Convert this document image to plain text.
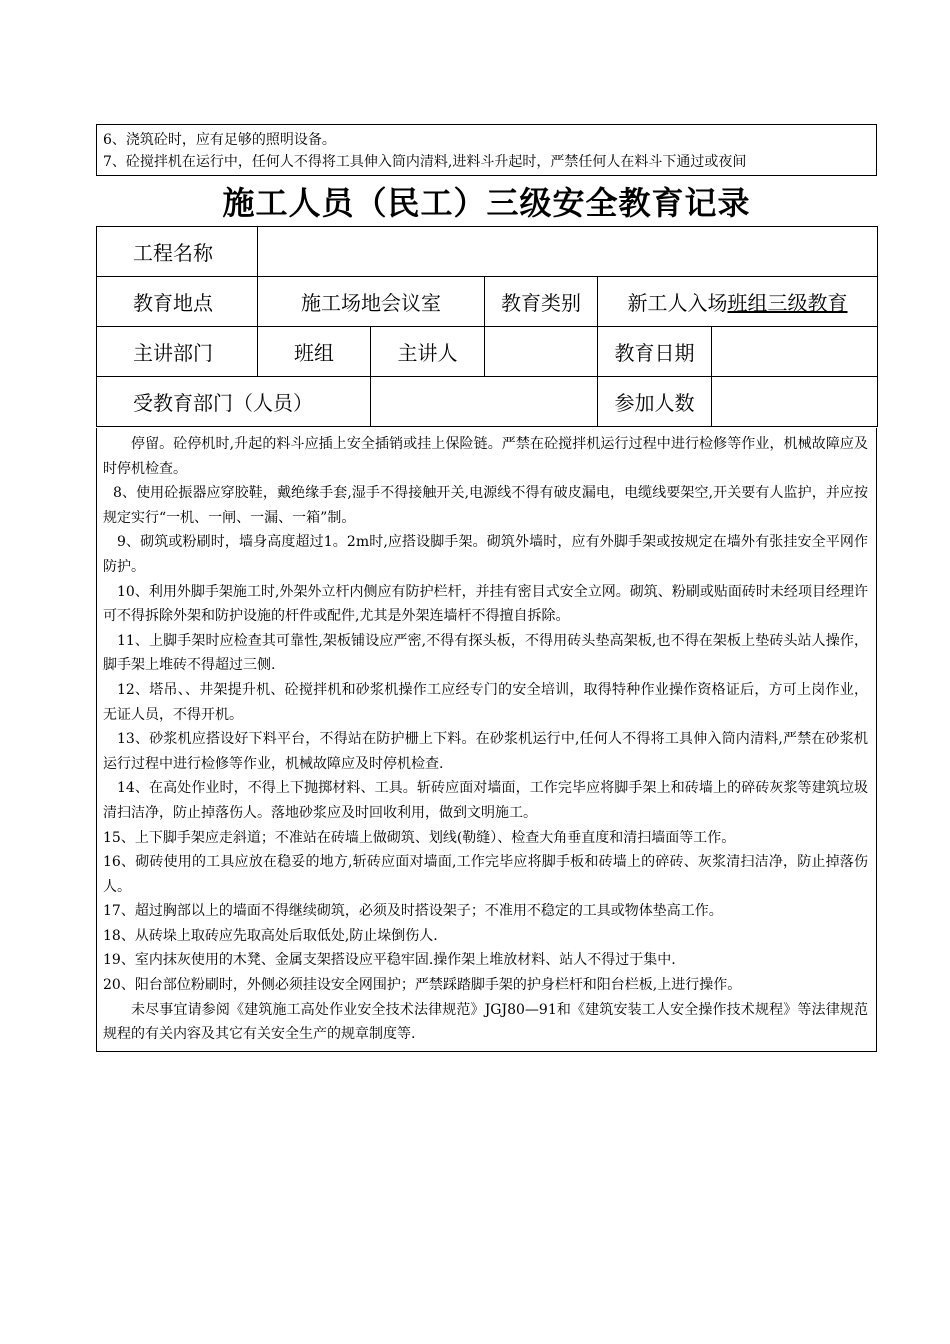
6、浇筑砼时，应有足够的照明设备。

7、砼搅拌机在运行中，任何人不得将工具伸入筒内清料,进料斗升起时，严禁任何人在料斗下通过或夜间

施工人员（民工）三级安全教育记录
工程名称					
教育地点	施工场地会议室		教育类别	新工人入场班组三级教育	
主讲部门	班组	主讲人		教育日期	
受教育部门（人员）				参加人数	

停留。砼停机时,升起的料斗应插上安全插销或挂上保险链。严禁在砼搅拌机运行过程中进行检修等作业，机械故障应及时停机检查。

8、使用砼振器应穿胶鞋，戴绝缘手套,湿手不得接触开关,电源线不得有破皮漏电，电缆线要架空,开关要有人监护，并应按规定实行“一机、一闸、一漏、一箱”制。

9、砌筑或粉刷时，墙身高度超过1。2m时,应搭设脚手架。砌筑外墙时，应有外脚手架或按规定在墙外有张挂安全平网作防护。

10、利用外脚手架施工时,外架外立杆内侧应有防护栏杆，并挂有密目式安全立网。砌筑、粉刷或贴面砖时未经项目经理许可不得拆除外架和防护设施的杆件或配件,尤其是外架连墙杆不得擅自拆除。

11、上脚手架时应检查其可靠性,架板铺设应严密,不得有探头板，不得用砖头垫高架板,也不得在架板上垫砖头站人操作，脚手架上堆砖不得超过三侧.

12、塔吊、、井架提升机、砼搅拌机和砂浆机操作工应经专门的安全培训，取得特种作业操作资格证后，方可上岗作业，无证人员，不得开机。

13、砂浆机应搭设好下料平台，不得站在防护栅上下料。在砂浆机运行中,任何人不得将工具伸入筒内清料,严禁在砂浆机运行过程中进行检修等作业，机械故障应及时停机检查.

14、在高处作业时，不得上下抛掷材料、工具。斩砖应面对墙面，工作完毕应将脚手架上和砖墙上的碎砖灰浆等建筑垃圾清扫洁净，防止掉落伤人。落地砂浆应及时回收利用，做到文明施工。

15、上下脚手架应走斜道；不准站在砖墙上做砌筑、划线(勒缝）、检查大角垂直度和清扫墙面等工作。

16、砌砖使用的工具应放在稳妥的地方,斩砖应面对墙面,工作完毕应将脚手板和砖墙上的碎砖、灰浆清扫洁净，防止掉落伤人。

17、超过胸部以上的墙面不得继续砌筑，必须及时搭设架子；不准用不稳定的工具或物体垫高工作。

18、从砖垛上取砖应先取高处后取低处,防止垛倒伤人.

19、室内抹灰使用的木凳、金属支架搭设应平稳牢固.操作架上堆放材料、站人不得过于集中.

20、阳台部位粉刷时，外侧必须挂设安全网围护；严禁踩踏脚手架的护身栏杆和阳台栏板,上进行操作。

未尽事宜请参阅《建筑施工高处作业安全技术法律规范》JGJ80—91和《建筑安装工人安全操作技术规程》等法律规范规程的有关内容及其它有关安全生产的规章制度等.
